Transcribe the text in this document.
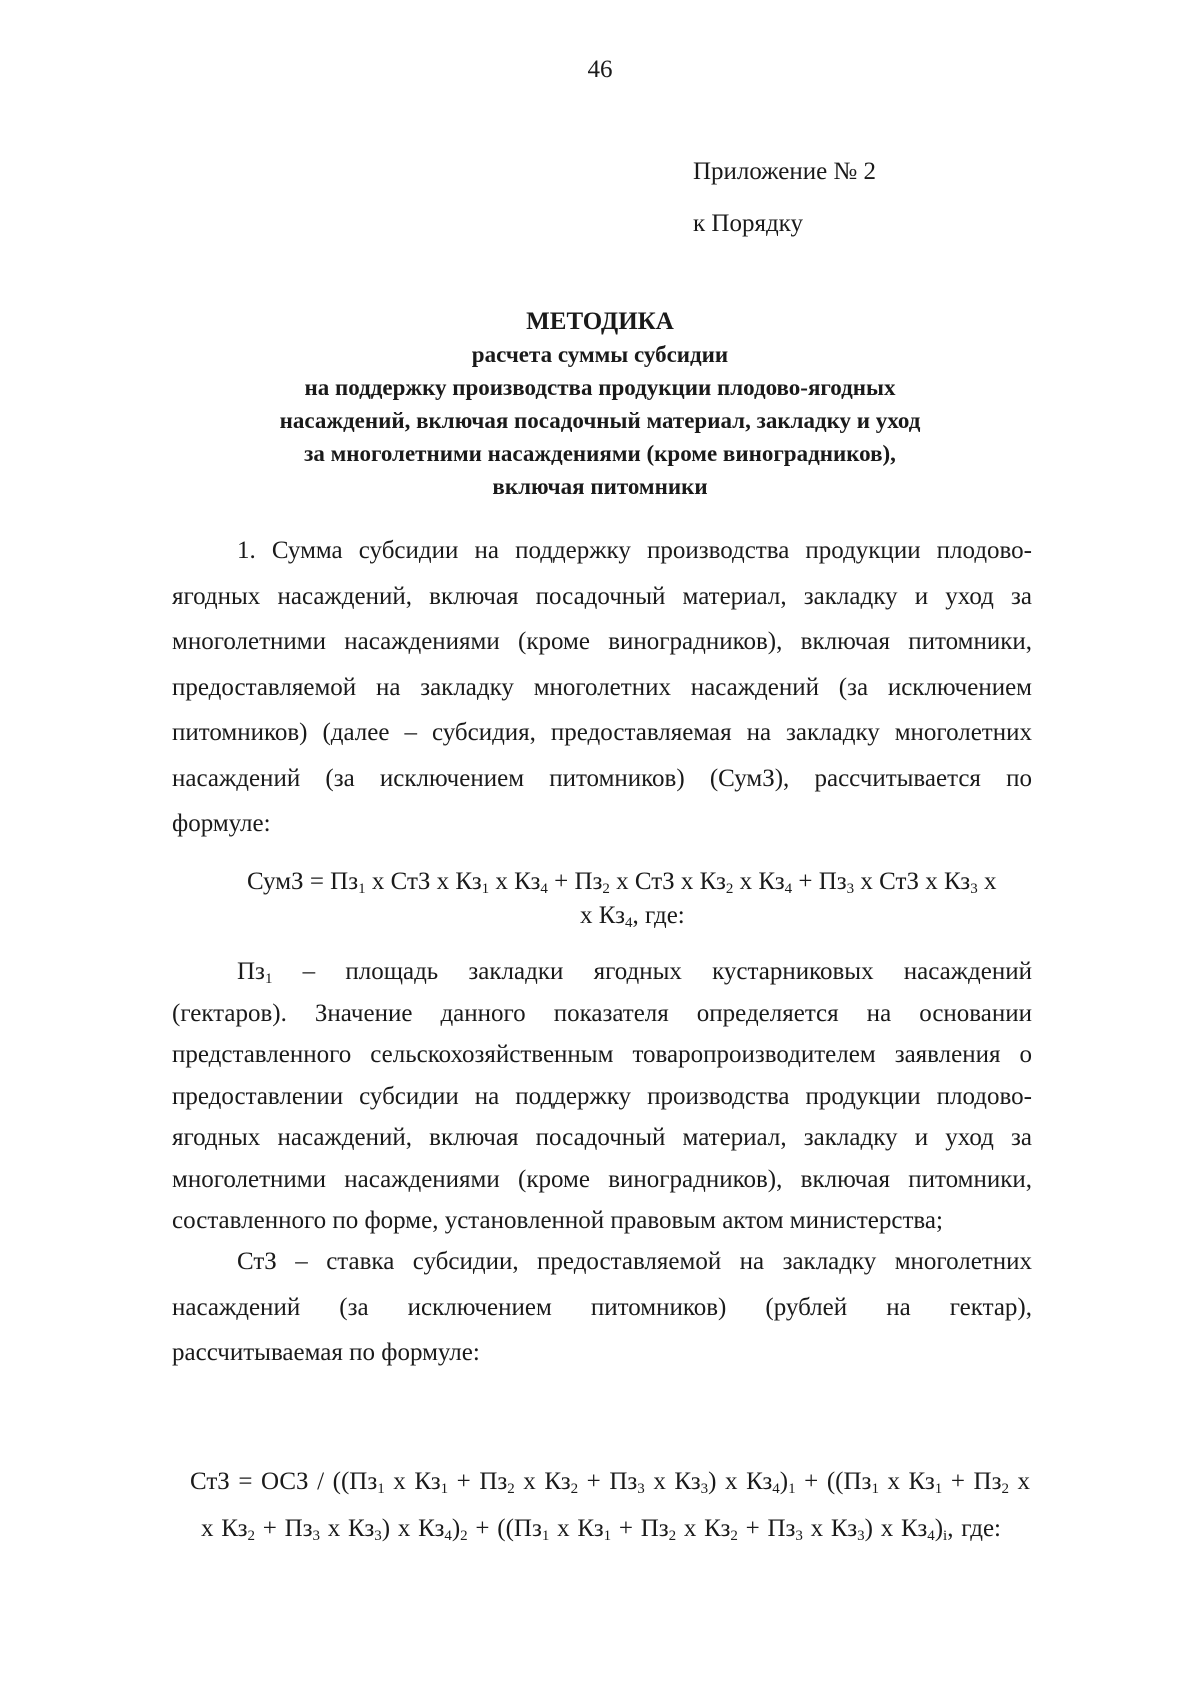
46
Приложение № 2
к Порядку
МЕТОДИКА
расчета суммы субсидии
на поддержку производства продукции плодово-ягодных
насаждений, включая посадочный материал, закладку и уход
за многолетними насаждениями (кроме виноградников),
включая питомники
1. Сумма субсидии на поддержку производства продукции плодово-
ягодных насаждений, включая посадочный материал, закладку и уход за
многолетними насаждениями (кроме виноградников), включая питомники,
предоставляемой на закладку многолетних насаждений (за исключением
питомников) (далее – субсидия, предоставляемая на закладку многолетних
насаждений (за исключением питомников) (СумЗ), рассчитывается по
формуле:
СумЗ = $Пз_1$ х СтЗ х $Кз_1$ х $Кз_4 + Пз_2$ х СтЗ х $Кз_2$ х $Кз_4 + Пз_3$ х СтЗ х $Кз_3$ х
х $Кз_4$, где:
$Пз_1$ – площадь закладки ягодных кустарниковых насаждений
(гектаров). Значение данного показателя определяется на основании
представленного сельскохозяйственным товаропроизводителем заявления о
предоставлении субсидии на поддержку производства продукции плодово-
ягодных насаждений, включая посадочный материал, закладку и уход за
многолетними насаждениями (кроме виноградников), включая питомники,
составленного по форме, установленной правовым актом министерства;
СтЗ – ставка субсидии, предоставляемой на закладку многолетних
насаждений (за исключением питомников) (рублей на гектар),
рассчитываемая по формуле:
СтЗ = ОСЗ / (($Пз_1$ х $Кз_1 + Пз_2$ х $Кз_2 + Пз_3$ х $Кз_3$) х $Кз_4)_1 + ((Пз_1$ х $Кз_1 + Пз_2$ х
х $Кз_2 + Пз_3$ х $Кз_3$) х $Кз_4)_2 + ((Пз_1$ х $Кз_1 + Пз_2$ х $Кз_2 + Пз_3$ х $Кз_3$) х $Кз_4)_i$, где:
